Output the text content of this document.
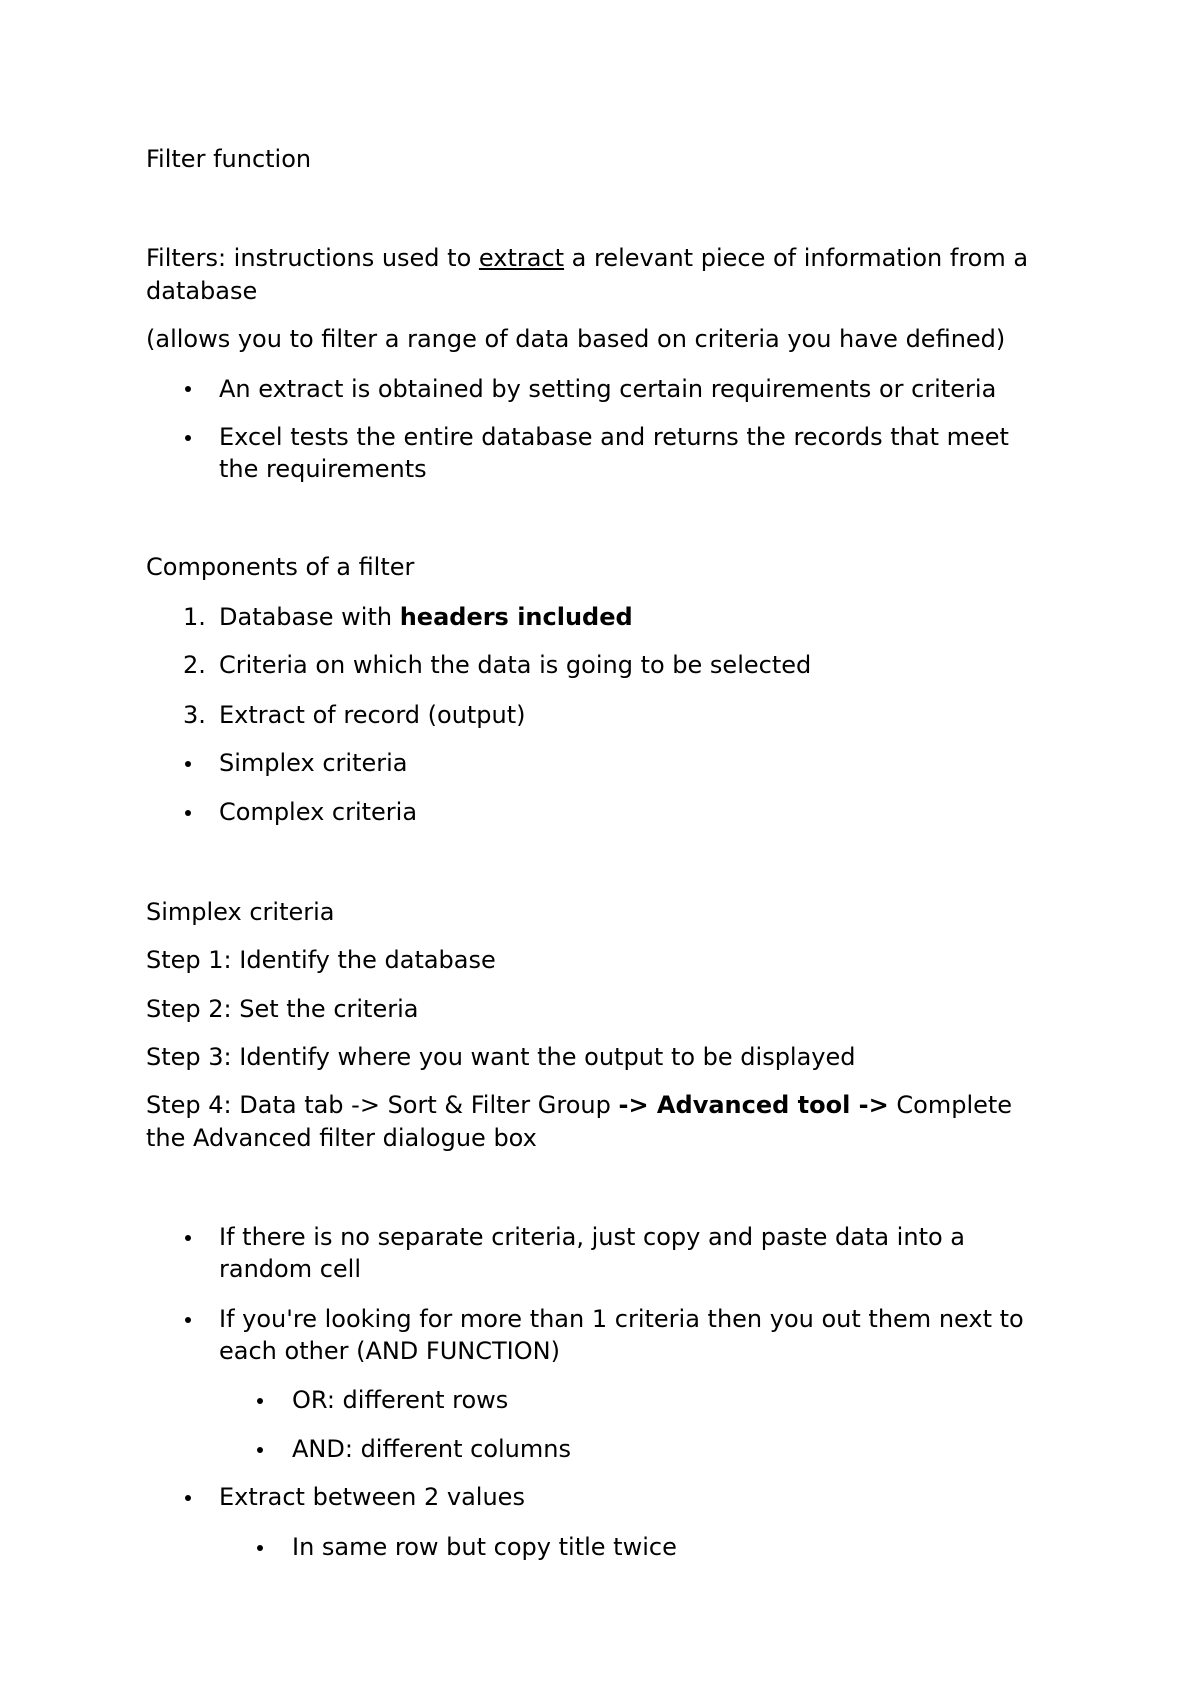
Filter function
Filters: instructions used to extract a relevant piece of information from a
database
(allows you to filter a range of data based on criteria you have defined)
An extract is obtained by setting certain requirements or criteria
Excel tests the entire database and returns the records that meet
the requirements
Components of a filter
1. Database with headers included
2. Criteria on which the data is going to be selected
3. Extract of record (output)
Simplex criteria
Complex criteria
Simplex criteria
Step 1: Identify the database
Step 2: Set the criteria
Step 3: Identify where you want the output to be displayed
Step 4: Data tab -> Sort & Filter Group -> Advanced tool -> Complete
the Advanced filter dialogue box
If there is no separate criteria, just copy and paste data into a
random cell
If you're looking for more than 1 criteria then you out them next to
each other (AND FUNCTION)
OR: different rows
AND: different columns
Extract between 2 values
In same row but copy title twice
